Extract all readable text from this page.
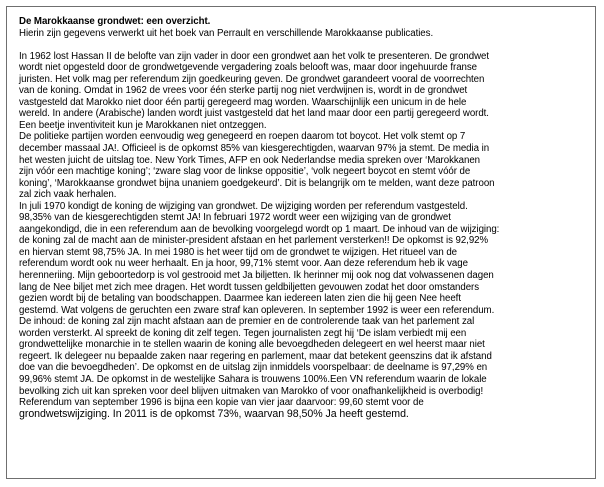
De Marokkaanse grondwet: een overzicht.
Hierin zijn gegevens verwerkt uit het boek van Perrault en verschillende Marokkaanse publicaties.
In 1962 lost Hassan II de belofte van zijn vader in door een grondwet aan het volk te presenteren. De grondwet
wordt niet opgesteld door de grondwetgevende vergadering zoals belooft was, maar door ingehuurde franse
juristen. Het volk mag per referendum zijn goedkeuring geven. De grondwet garandeert vooral de voorrechten
van de koning. Omdat in 1962 de vrees voor één sterke partij nog niet verdwijnen is, wordt in de grondwet
vastgesteld dat Marokko niet door één partij geregeerd mag worden. Waarschijnlijk een unicum in de hele
wereld. In andere (Arabische) landen wordt juist vastgesteld dat het land maar door een partij geregeerd wordt.
Een beetje inventiviteit kun je Marokkanen niet ontzeggen.
De politieke partijen worden eenvoudig weg genegeerd en roepen daarom tot boycot. Het volk stemt op 7
december massaal JA!. Officieel is de opkomst 85% van kiesgerechtigden, waarvan 97% ja stemt. De media in
het westen juicht de uitslag toe. New York Times, AFP en ook Nederlandse media spreken over ‘Marokkanen
zijn vóór een machtige koning’; ‘zware slag voor de linkse oppositie’, ‘volk negeert boycot en stemt vóór de
koning’, ‘Marokkaanse grondwet bijna unaniem goedgekeurd’. Dit is belangrijk om te melden, want deze patroon
zal zich vaak herhalen.
In juli 1970 kondigt de koning de wijziging van grondwet. De wijziging worden per referendum vastgesteld.
98,35% van de kiesgerechtigden stemt JA! In februari 1972 wordt weer een wijziging van de grondwet
aangekondigd, die in een referendum aan de bevolking voorgelegd wordt op 1 maart. De inhoud van de wijziging:
de koning zal de macht aan de minister-president afstaan en het parlement versterken!! De opkomst is 92,92%
en hiervan stemt 98,75% JA. In mei 1980 is het weer tijd om de grondwet te wijzigen. Het ritueel van de
referendum wordt ook nu weer herhaalt. En ja hoor, 99,71% stemt voor. Aan deze referendum heb ik vage
herenneriing. Mijn geboortedorp is vol gestrooid met Ja biljetten. Ik herinner mij ook nog dat volwassenen dagen
lang de Nee biljet met zich mee dragen. Het wordt tussen geldbiljetten gevouwen zodat het door omstanders
gezien wordt bij de betaling van boodschappen. Daarmee kan iedereen laten zien die hij geen Nee heeft
gestemd. Wat volgens de geruchten een zware straf kan opleveren. In september 1992 is weer een referendum.
De inhoud: de koning zal zijn macht afstaan aan de premier en de controlerende taak van het parlement zal
worden versterkt. Al spreekt de koning dit zelf tegen. Tegen journalisten zegt hij ‘De islam verbiedt mij een
grondwettelijke monarchie in te stellen waarin de koning alle bevoegdheden delegeert en wel heerst maar niet
regeert. Ik delegeer nu bepaalde zaken naar regering en parlement, maar dat betekent geenszins dat ik afstand
doe van die bevoegdheden’. De opkomst en de uitslag zijn inmiddels voorspelbaar: de deelname is 97,29% en
99,96% stemt JA. De opkomst in de westelijke Sahara is trouwens 100%.Een VN referendum waarin de lokale
bevolking zich uit kan spreken voor deel blijven uitmaken van Marokko of voor onafhankelijkheid is overbodig!
Referendum van september 1996 is bijna een kopie van vier jaar daarvoor: 99,60 stemt voor de
grondwetswijziging. In 2011 is de opkomst 73%, waarvan 98,50% Ja heeft gestemd.
